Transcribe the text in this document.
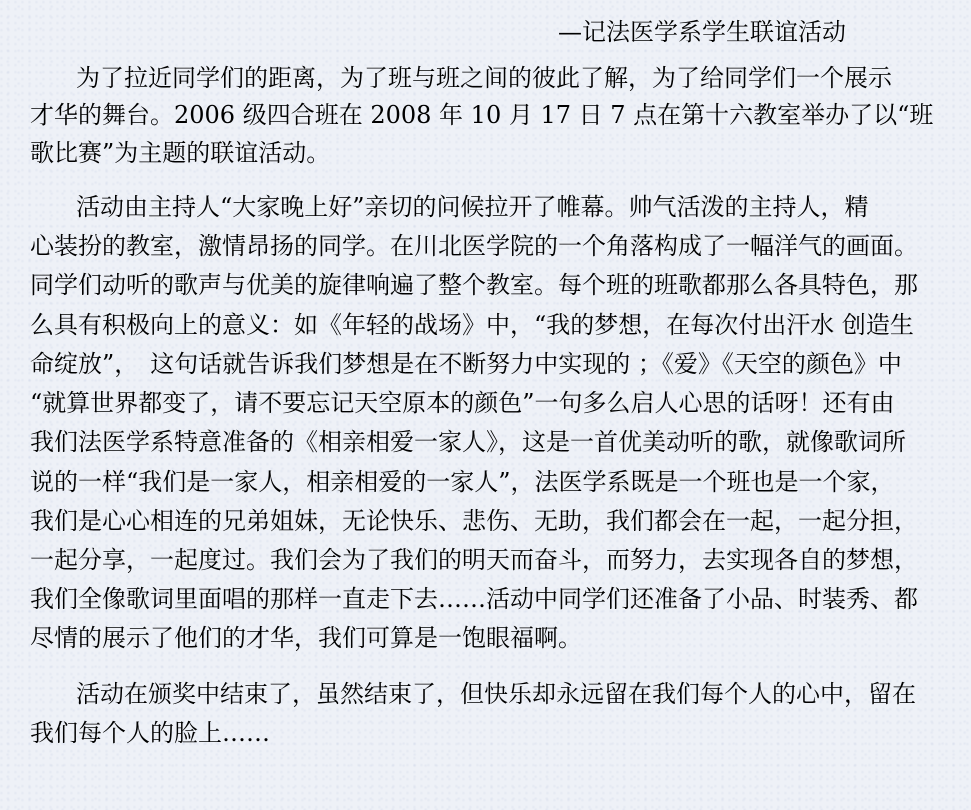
—记法医学系学生联谊活动
为了拉近同学们的距离，为了班与班之间的彼此了解，为了给同学们一个展示
才华的舞台。2006 级四合班在 2008 年 10 月 17 日 7 点在第十六教室举办了以“班
歌比赛”为主题的联谊活动。
活动由主持人“大家晚上好”亲切的问候拉开了帷幕。帅气活泼的主持人，精
心装扮的教室，激情昂扬的同学。在川北医学院的一个角落构成了一幅洋气的画面。
同学们动听的歌声与优美的旋律响遍了整个教室。每个班的班歌都那么各具特色，那
么具有积极向上的意义：如《年轻的战场》中，“我的梦想，在每次付出汗水 创造生
命绽放”，　这句话就告诉我们梦想是在不断努力中实现的 ；《爱》《天空的颜色》中
“就算世界都变了，请不要忘记天空原本的颜色”一句多么启人心思的话呀！还有由
我们法医学系特意准备的《相亲相爱一家人》，这是一首优美动听的歌，就像歌词所
说的一样“我们是一家人，相亲相爱的一家人”，法医学系既是一个班也是一个家，
我们是心心相连的兄弟姐妹，无论快乐、悲伤、无助，我们都会在一起，一起分担，
一起分享，一起度过。我们会为了我们的明天而奋斗，而努力，去实现各自的梦想，
我们全像歌词里面唱的那样一直走下去……活动中同学们还准备了小品、时装秀、都
尽情的展示了他们的才华，我们可算是一饱眼福啊。
活动在颁奖中结束了，虽然结束了，但快乐却永远留在我们每个人的心中，留在
我们每个人的脸上……
